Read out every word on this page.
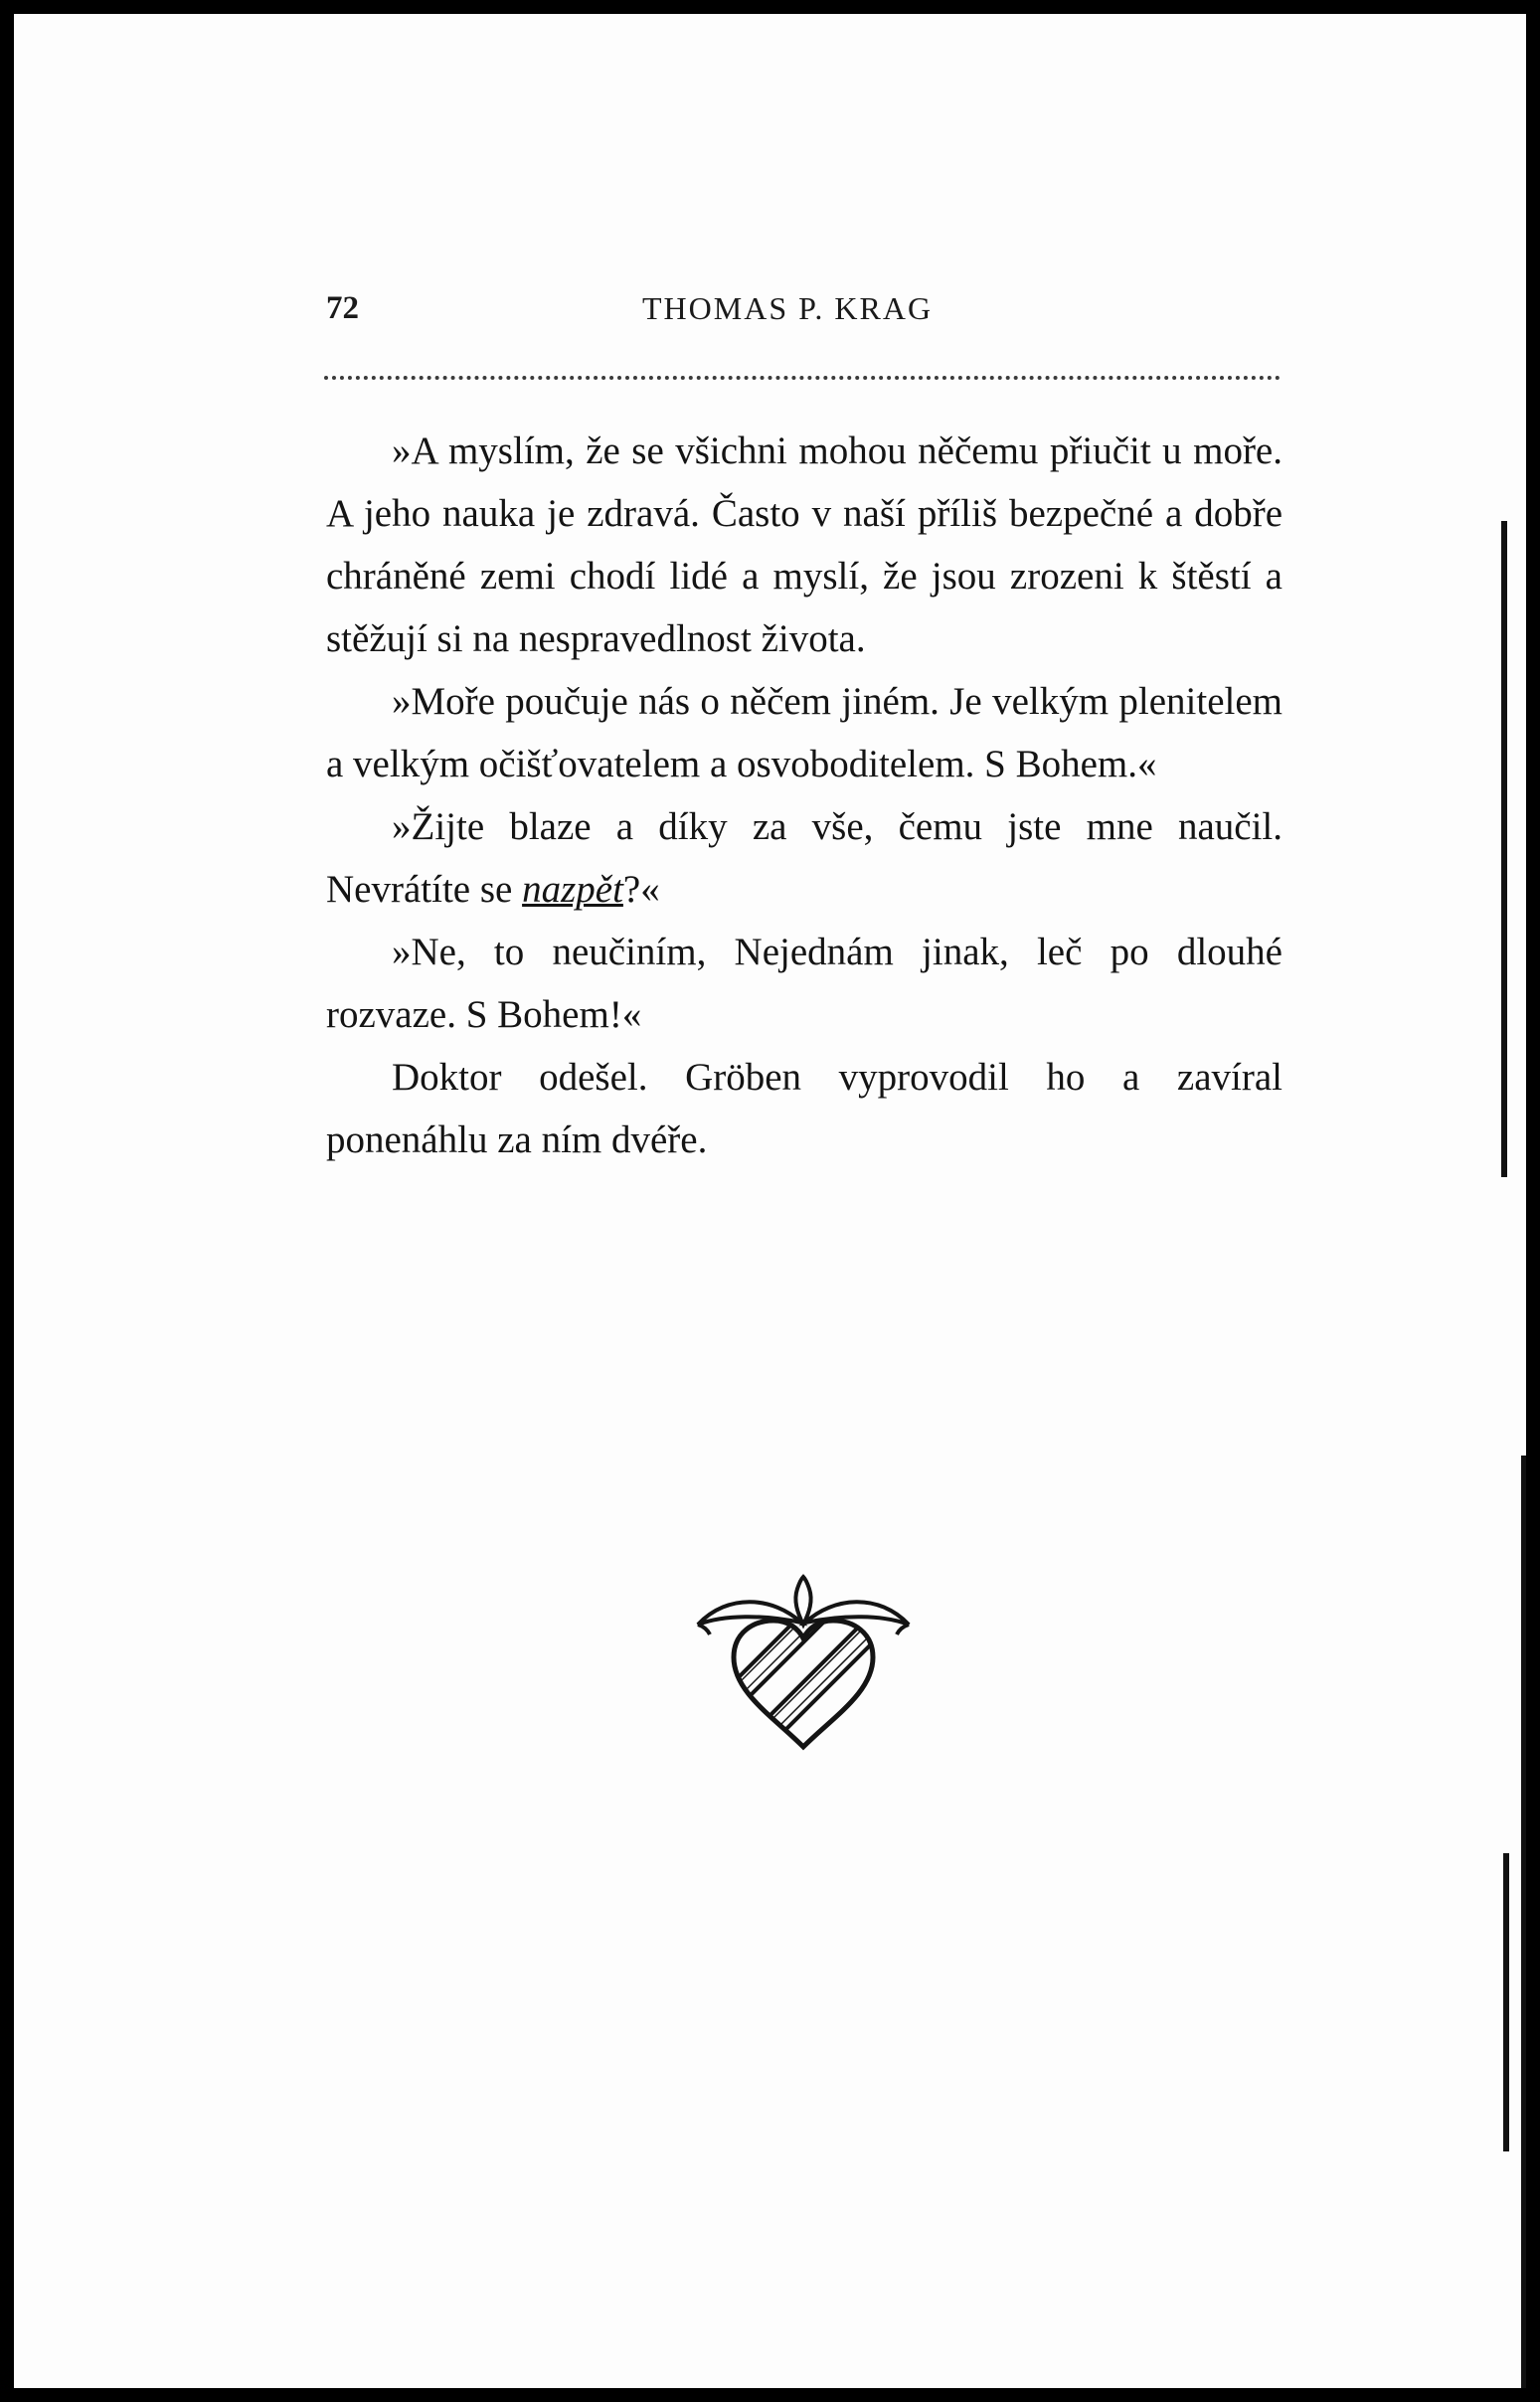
72	THOMAS P. KRAG

»A myslím, že se všichni mohou něčemu přiučit u moře. A jeho nauka je zdravá. Často v naší příliš bezpečné a dobře chráněné zemi chodí lidé a myslí, že jsou zrozeni k štěstí a stěžují si na nespravedlnost života.

»Moře poučuje nás o něčem jiném. Je velkým plenitelem a velkým očišťovatelem a osvoboditelem. S Bohem.«

»Žijte blaze a díky za vše, čemu jste mne naučil. Nevrátíte se nazpět?«

»Ne, to neučiním, Nejednám jinak, leč po dlouhé rozvaze. S Bohem!«

Doktor odešel. Gröben vyprovodil ho a zavíral ponenáhlu za ním dvéře.
